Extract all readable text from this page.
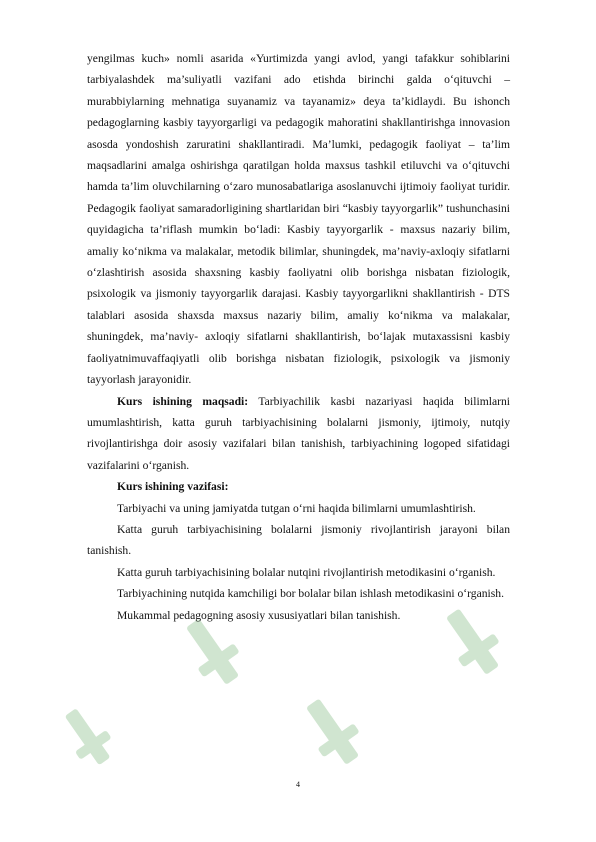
yengilmas kuch» nomli asarida «Yurtimizda yangi avlod, yangi tafakkur sohiblarini tarbiyalashdek ma’suliyatli vazifani ado etishda birinchi galda o‘qituvchi – murabbiylarning mehnatiga suyanamiz va tayanamiz» deya ta’kidlaydi. Bu ishonch pedagoglarning kasbiy tayyorgarligi va pedagogik mahoratini shakllantirishga innovasion asosda yondoshish zaruratini shakllantiradi. Ma’lumki, pedagogik faoliyat – ta’lim maqsadlarini amalga oshirishga qaratilgan holda maxsus tashkil etiluvchi va o‘qituvchi hamda ta’lim oluvchilarning o‘zaro munosabatlariga asoslanuvchi ijtimoiy faoliyat turidir. Pedagogik faoliyat samaradorligining shartlaridan biri “kasbiy tayyorgarlik” tushunchasini quyidagicha ta’riflash mumkin bo‘ladi: Kasbiy tayyorgarlik - maxsus nazariy bilim, amaliy ko‘nikma va malakalar, metodik bilimlar, shuningdek, ma’naviy-axloqiy sifatlarni o‘zlashtirish asosida shaxsning kasbiy faoliyatni olib borishga nisbatan fiziologik, psixologik va jismoniy tayyorgarlik darajasi. Kasbiy tayyorgarlikni shakllantirish - DTS talablari asosida shaxsda maxsus nazariy bilim, amaliy ko‘nikma va malakalar, shuningdek, ma’naviy- axloqiy sifatlarni shakllantirish, bo‘lajak mutaxassisni kasbiy faoliyatnimuvaffaqiyatli olib borishga nisbatan fiziologik, psixologik va jismoniy tayyorlash jarayonidir.

Kurs ishining maqsadi: Tarbiyachilik kasbi nazariyasi haqida bilimlarni umumlashtirish, katta guruh tarbiyachisining bolalarni jismoniy, ijtimoiy, nutqiy rivojlantirishga doir asosiy vazifalari bilan tanishish, tarbiyachining logoped sifatidagi vazifalarini o‘rganish.

Kurs ishining vazifasi:

Tarbiyachi va uning jamiyatda tutgan o‘rni haqida bilimlarni umumlashtirish.

Katta guruh tarbiyachisining bolalarni jismoniy rivojlantirish jarayoni bilan tanishish.

Katta guruh tarbiyachisining bolalar nutqini rivojlantirish metodikasini o‘rganish.

Tarbiyachining nutqida kamchiligi bor bolalar bilan ishlash metodikasini o‘rganish.

Mukammal pedagogning asosiy xususiyatlari bilan tanishish.

4
